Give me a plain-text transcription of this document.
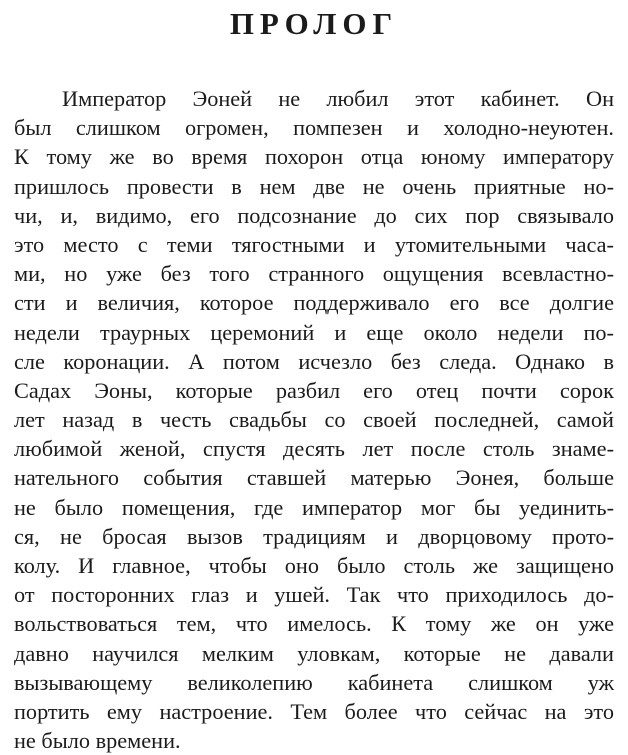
ПРОЛОГ
Император Эоней не любил этот кабинет. Он
был слишком огромен, помпезен и холодно-неуютен.
К тому же во время похорон отца юному императору
пришлось провести в нем две не очень приятные но-
чи, и, видимо, его подсознание до сих пор связывало
это место с теми тягостными и утомительными часа-
ми, но уже без того странного ощущения всевластно-
сти и величия, которое поддерживало его все долгие
недели траурных церемоний и еще около недели по-
сле коронации. А потом исчезло без следа. Однако в
Садах Эоны, которые разбил его отец почти сорок
лет назад в честь свадьбы со своей последней, самой
любимой женой, спустя десять лет после столь знаме-
нательного события ставшей матерью Эонея, больше
не было помещения, где император мог бы уединить-
ся, не бросая вызов традициям и дворцовому прото-
колу. И главное, чтобы оно было столь же защищено
от посторонних глаз и ушей. Так что приходилось до-
вольствоваться тем, что имелось. К тому же он уже
давно научился мелким уловкам, которые не давали
вызывающему великолепию кабинета слишком уж
портить ему настроение. Тем более что сейчас на это
не было времени.
